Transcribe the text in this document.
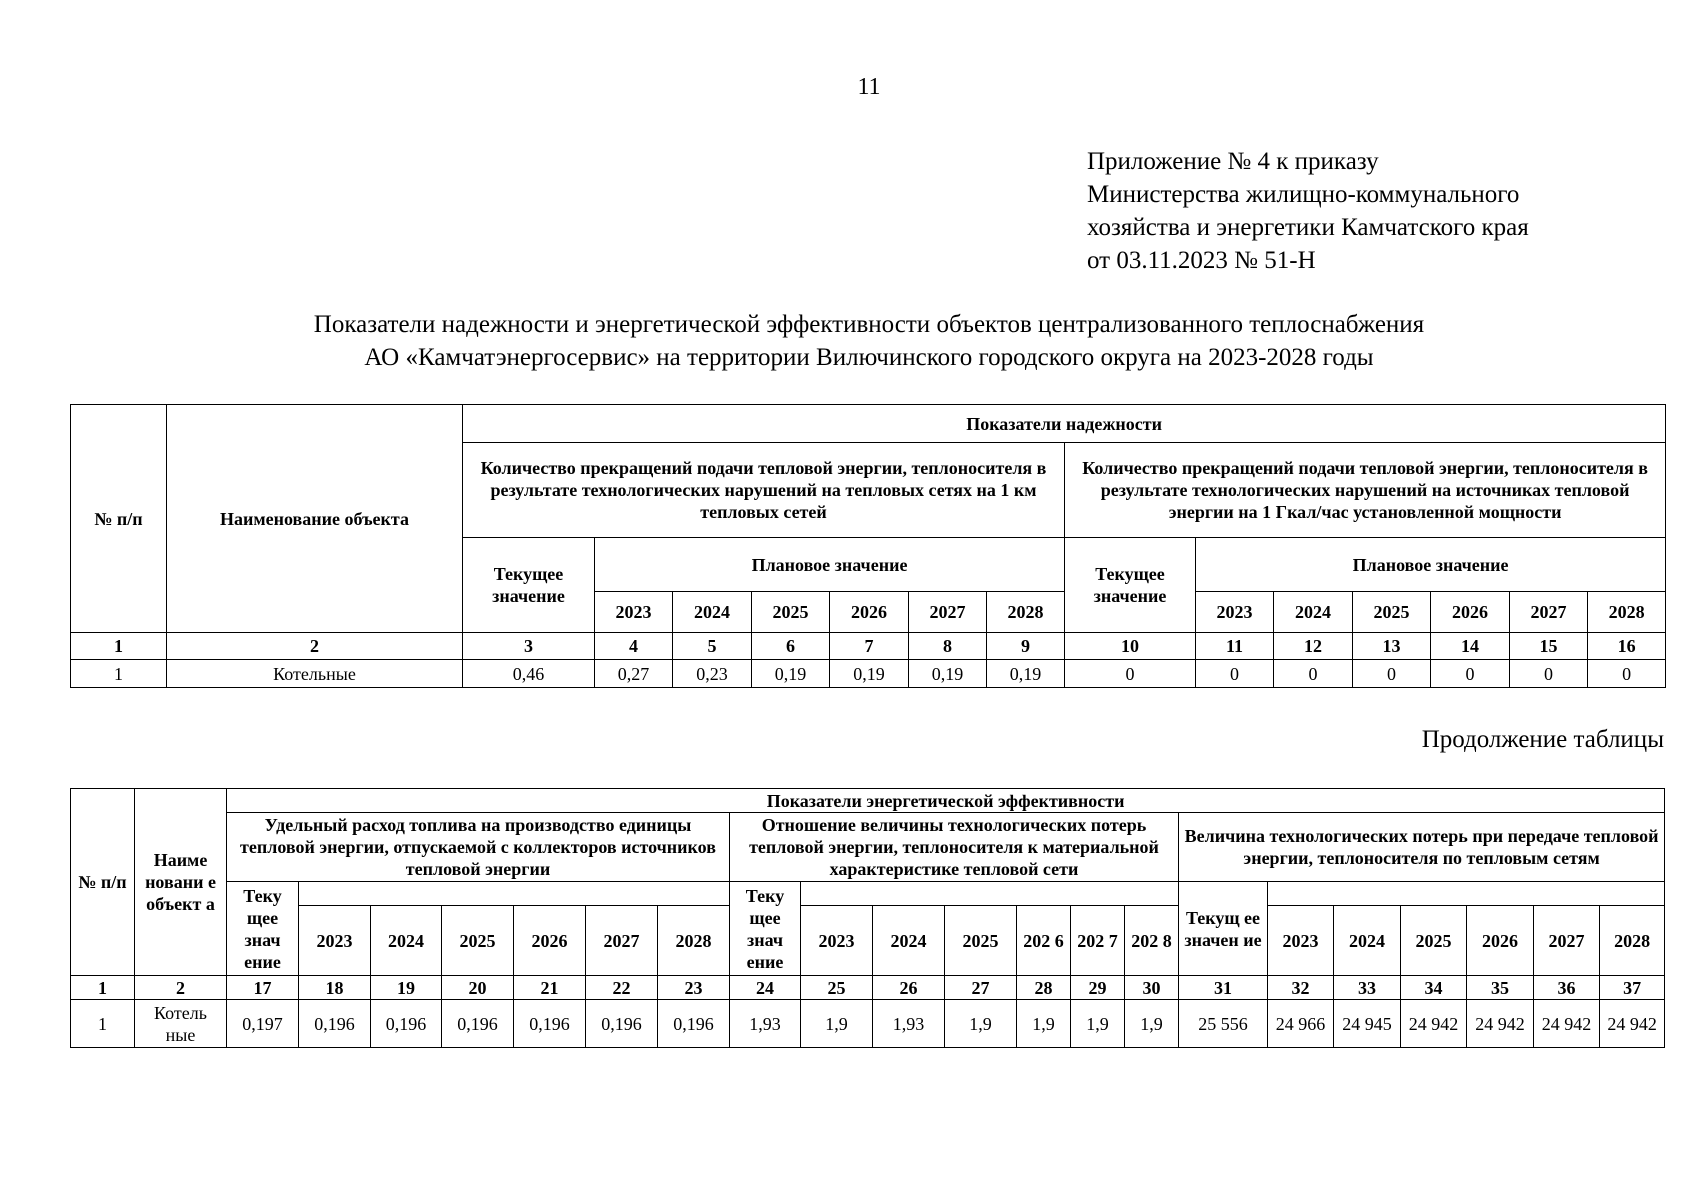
11
Приложение № 4 к приказу
Министерства жилищно-коммунального
хозяйства и энергетики Камчатского края
от 03.11.2023 № 51-Н
Показатели надежности и энергетической эффективности объектов централизованного теплоснабжения
АО «Камчатэнергосервис» на территории Вилючинского городского округа на 2023-2028 годы
№ п/п	Наименование объекта	Показатели надежности													
		Количество прекращений подачи тепловой энергии, теплоносителя в результате технологических нарушений на тепловых сетях на 1 км тепловых сетей							Количество прекращений подачи тепловой энергии, теплоносителя в результате технологических нарушений на источниках тепловой энергии на 1 Гкал/час установленной мощности						
		Текущее значение	Плановое значение						Текущее значение	Плановое значение					
			2023	2024	2025	2026	2027	2028		2023	2024	2025	2026	2027	2028
1	2	3	4	5	6	7	8	9	10	11	12	13	14	15	16
1	Котельные	0,46	0,27	0,23	0,19	0,19	0,19	0,19	0	0	0	0	0	0	0
Продолжение таблицы
№ п/п	Наиме новани е объект а	Показатели энергетической эффективности																				
		Удельный расход топлива на производство единицы тепловой энергии, отпускаемой с коллекторов источников тепловой энергии							Отношение величины технологических потерь тепловой энергии, теплоносителя к материальной характеристике тепловой сети							Величина технологических потерь при передаче тепловой энергии, теплоносителя по тепловым сетям						
		Теку щее знач ение							Теку щее знач ение							Текущ ее значен ие						
			2023	2024	2025	2026	2027	2028		2023	2024	2025	202 6	202 7	202 8		2023	2024	2025	2026	2027	2028
1	2	17	18	19	20	21	22	23	24	25	26	27	28	29	30	31	32	33	34	35	36	37
1	Котель ные	0,197	0,196	0,196	0,196	0,196	0,196	0,196	1,93	1,9	1,93	1,9	1,9	1,9	1,9	25 556	24 966	24 945	24 942	24 942	24 942	24 942
